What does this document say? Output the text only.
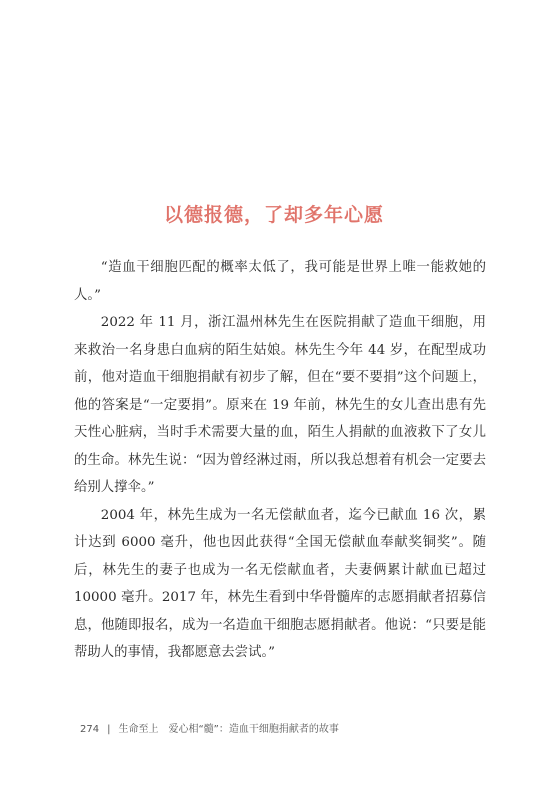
以德报德，了却多年心愿

“造血干细胞匹配的概率太低了，我可能是世界上唯一能救她的人。”

2022 年 11 月，浙江温州林先生在医院捐献了造血干细胞，用来救治一名身患白血病的陌生姑娘。林先生今年 44 岁，在配型成功前，他对造血干细胞捐献有初步了解，但在“要不要捐”这个问题上，他的答案是“一定要捐”。原来在 19 年前，林先生的女儿查出患有先天性心脏病，当时手术需要大量的血，陌生人捐献的血液救下了女儿的生命。林先生说：“因为曾经淋过雨，所以我总想着有机会一定要去给别人撑伞。”

2004 年，林先生成为一名无偿献血者，迄今已献血 16 次，累计达到 6000 毫升，他也因此获得“全国无偿献血奉献奖铜奖”。随后，林先生的妻子也成为一名无偿献血者，夫妻俩累计献血已超过 10000 毫升。2017 年，林先生看到中华骨髓库的志愿捐献者招募信息，他随即报名，成为一名造血干细胞志愿捐献者。他说：“只要是能帮助人的事情，我都愿意去尝试。”

274 | 生命至上 爱心相“髓”：造血干细胞捐献者的故事
